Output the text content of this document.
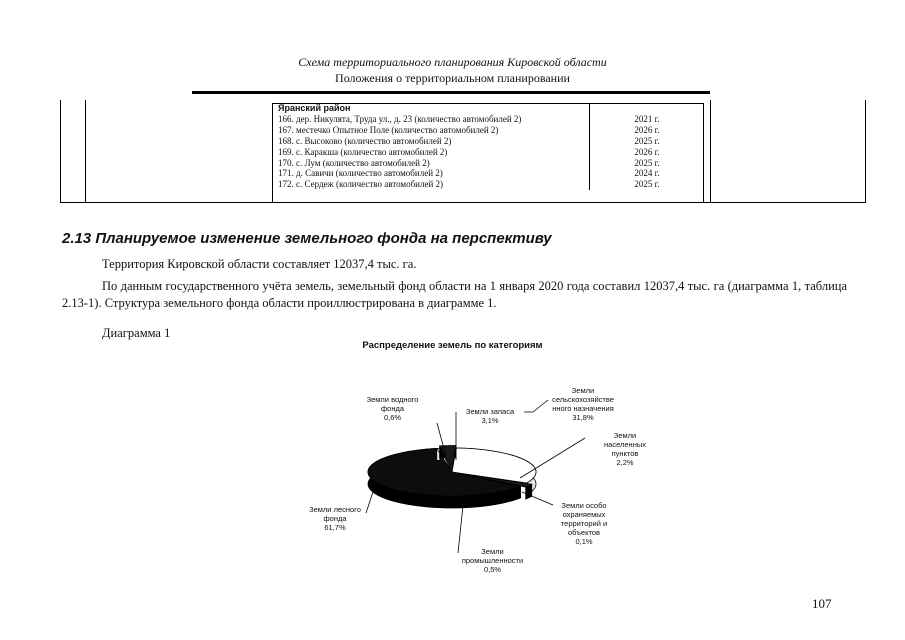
Схема территориального планирования Кировской области
Положения о территориальном планировании
Яранский район	
166. дер. Никулята, Труда ул., д. 23 (количество автомобилей 2)	2021 г.
167. местечко Опытное Поле (количество автомобилей 2)	2026 г.
168. с. Высоково (количество автомобилей 2)	2025 г.
169. с. Каракша (количество автомобилей 2)	2026 г.
170. с. Лум (количество автомобилей 2)	2025 г.
171. д. Савичи (количество автомобилей 2)	2024 г.
172. с. Сердеж (количество автомобилей 2)	2025 г.
2.13 Планируемое изменение земельного фонда на перспективу
Территория Кировской области составляет 12037,4 тыс. га.
По данным государственного учёта земель, земельный фонд области на 1 января 2020 года составил 12037,4 тыс. га (диаграмма 1, таблица 2.13-1). Структура земельного фонда области проиллюстрирована в диаграмме 1.
Диаграмма 1
Распределение земель по категориям
Земли
сельскохозяйстве
нного назначения
31,8%
Земли
населенных
пунктов
2,2%
Земли особо
охраняемых
территорий и
объектов
0,1%
Земли
промышленности
0,5%
Земли лесного
фонда
61,7%
Земли водного
фонда
0,6%
Земли запаса
3,1%
107
